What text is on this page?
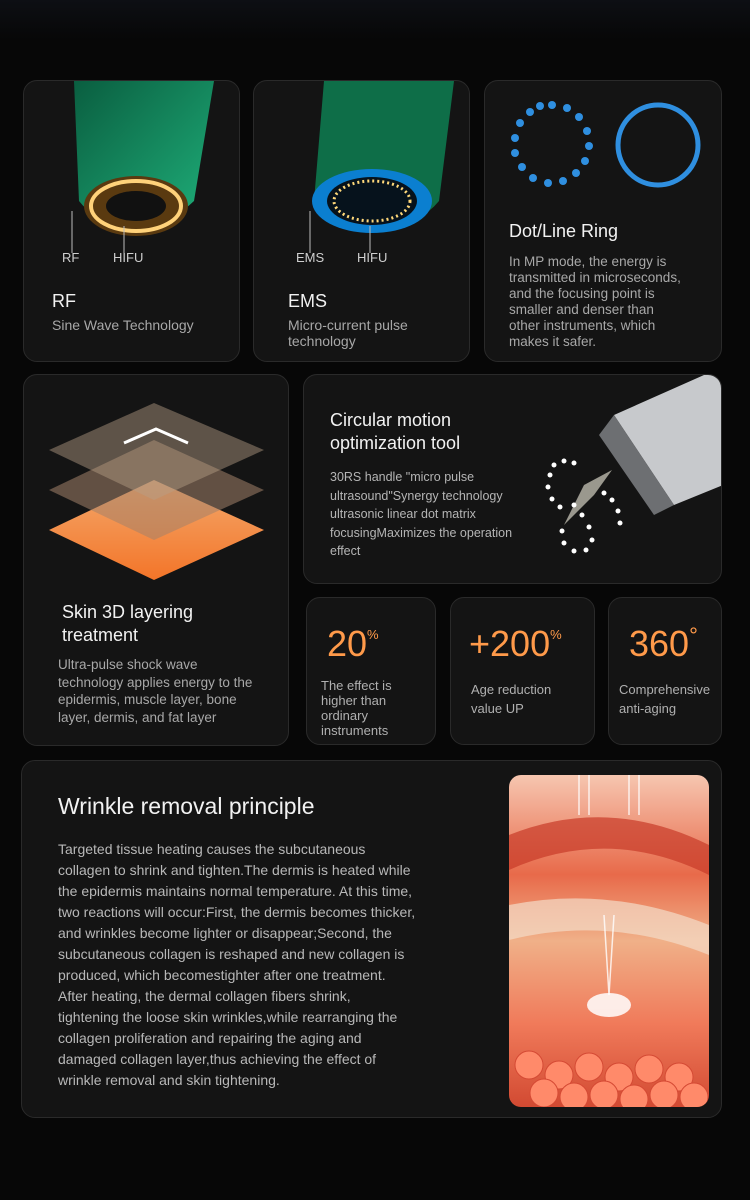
RF	HIFU
RF
Sine Wave Technology
EMS	HIFU
EMS
Micro-current pulse
technology
Dot/Line Ring
In MP mode, the energy is
transmitted in microseconds,
and the focusing point is
smaller and denser than
other instruments, which
makes it safer.
Skin 3D layering
treatment
Ultra-pulse shock wave
technology applies energy to the
epidermis, muscle layer, bone
layer, dermis, and fat layer
Circular motion
optimization tool
30RS handle "micro pulse
ultrasound"Synergy technology
ultrasonic linear dot matrix
focusingMaximizes the operation
effect
20%
The effect is
higher than
ordinary
instruments
+200%
Age reduction
value UP
360°
Comprehensive
anti-aging
Wrinkle removal principle
Targeted tissue heating causes the subcutaneous
collagen to shrink and tighten.The dermis is heated while
the epidermis maintains normal temperature. At this time,
two reactions will occur:First, the dermis becomes thicker,
and wrinkles become lighter or disappear;Second, the
subcutaneous collagen is reshaped and new collagen is
produced, which becomestighter after one treatment.
After heating, the dermal collagen fibers shrink,
tightening the loose skin wrinkles,while rearranging the
collagen proliferation and repairing the aging and
damaged collagen layer,thus achieving the effect of
wrinkle removal and skin tightening.
